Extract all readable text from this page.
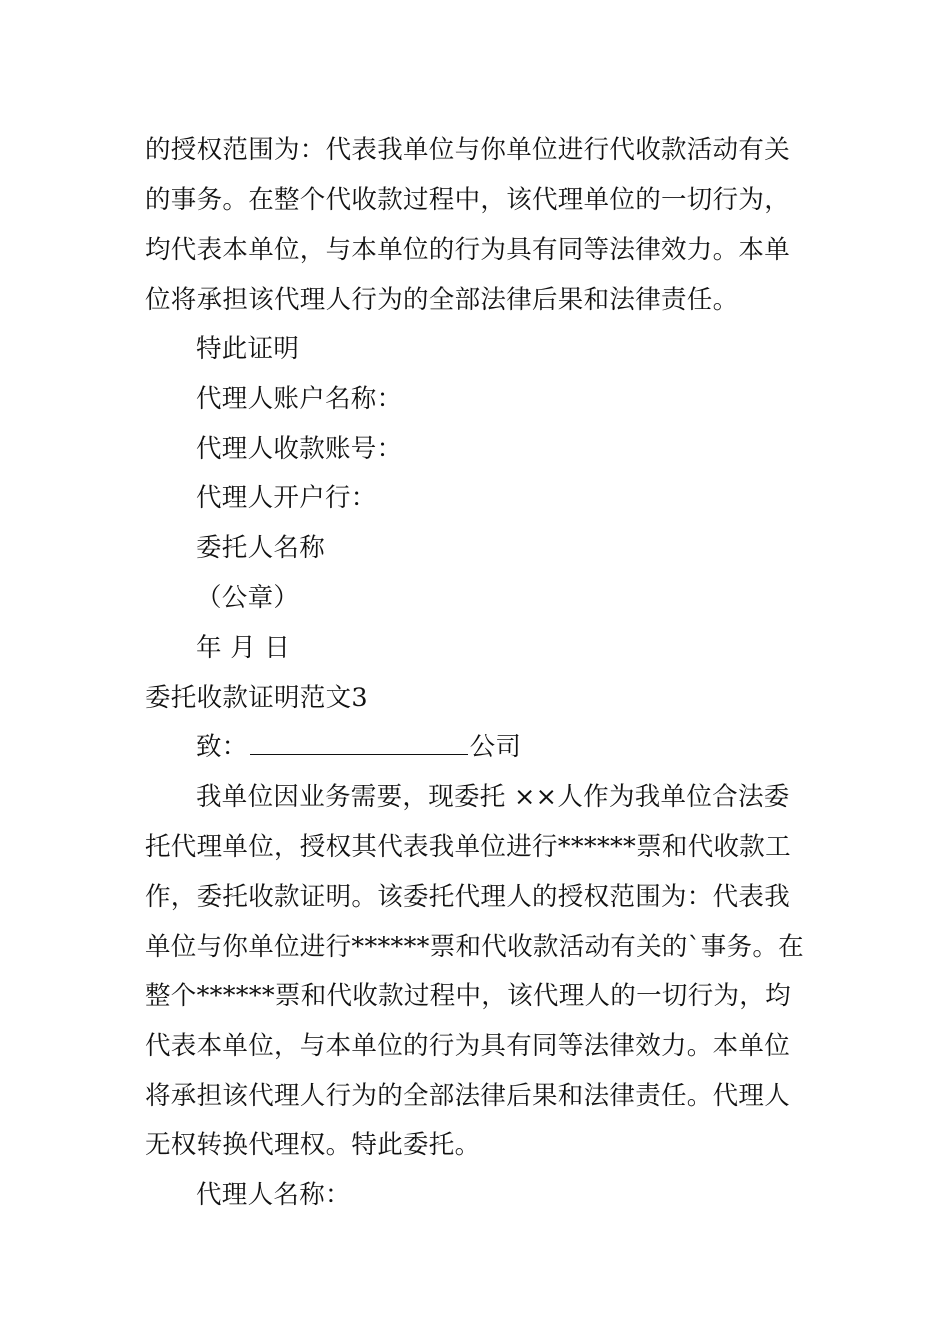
的授权范围为：代表我单位与你单位进行代收款活动有关
的事务。在整个代收款过程中，该代理单位的一切行为，
均代表本单位，与本单位的行为具有同等法律效力。本单
位将承担该代理人行为的全部法律后果和法律责任。
特此证明
代理人账户名称：
代理人收款账号：
代理人开户行：
委托人名称
（公章）
年 月 日
委托收款证明范文3
致：	公司
我单位因业务需要，现委托 ××人作为我单位合法委
托代理单位，授权其代表我单位进行******票和代收款工
作，委托收款证明。该委托代理人的授权范围为：代表我
单位与你单位进行******票和代收款活动有关的`事务。在
整个******票和代收款过程中，该代理人的一切行为，均
代表本单位，与本单位的行为具有同等法律效力。本单位
将承担该代理人行为的全部法律后果和法律责任。代理人
无权转换代理权。特此委托。
代理人名称：
